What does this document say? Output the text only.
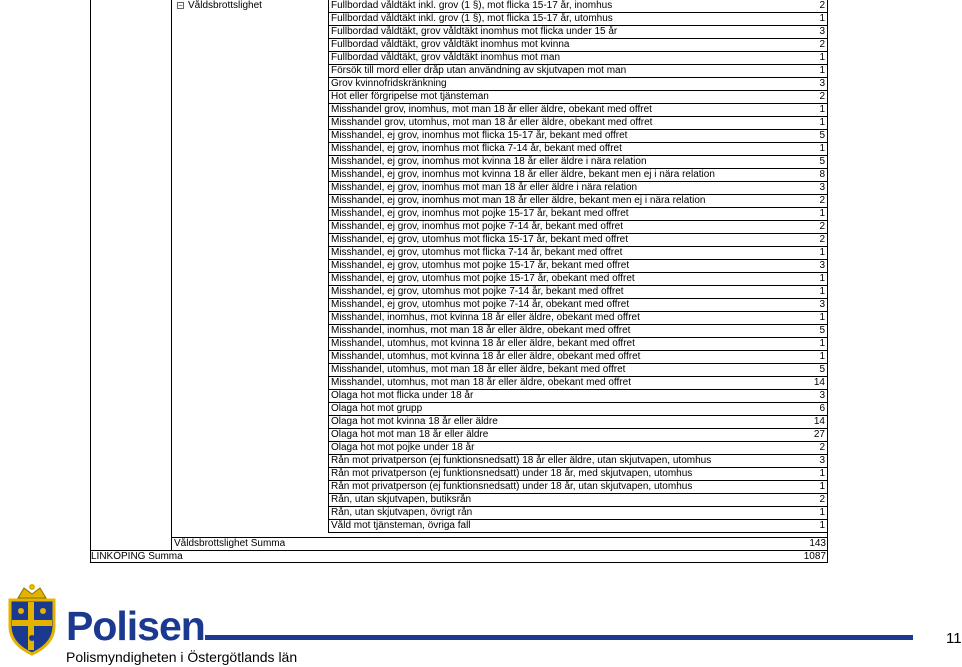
− Våldsbrottslighet	Fullbordad våldtäkt inkl. grov (1 §), mot flicka 15-17 år, inomhus	2
Fullbordad våldtäkt inkl. grov (1 §), mot flicka 15-17 år, utomhus	1
Fullbordad våldtäkt, grov våldtäkt inomhus mot flicka under 15 år	3
Fullbordad våldtäkt, grov våldtäkt inomhus mot kvinna	2
Fullbordad våldtäkt, grov våldtäkt inomhus mot man	1
Försök till mord eller dråp utan användning av skjutvapen mot man	1
Grov kvinnofridskränkning	3
Hot eller förgripelse mot tjänsteman	2
Misshandel grov, inomhus, mot man 18 år eller äldre, obekant med offret	1
Misshandel grov, utomhus, mot man 18 år eller äldre, obekant med offret	1
Misshandel, ej grov, inomhus mot flicka 15-17 år, bekant med offret	5
Misshandel, ej grov, inomhus mot flicka 7-14 år, bekant med offret	1
Misshandel, ej grov, inomhus mot kvinna 18 år eller äldre i nära relation	5
Misshandel, ej grov, inomhus mot kvinna 18 år eller äldre, bekant men ej i nära relation	8
Misshandel, ej grov, inomhus mot man 18 år eller äldre i nära relation	3
Misshandel, ej grov, inomhus mot man 18 år eller äldre, bekant men ej i nära relation	2
Misshandel, ej grov, inomhus mot pojke 15-17 år, bekant med offret	1
Misshandel, ej grov, inomhus mot pojke 7-14 år, bekant med offret	2
Misshandel, ej grov, utomhus mot flicka 15-17 år, bekant med offret	2
Misshandel, ej grov, utomhus mot flicka 7-14 år, bekant med offret	1
Misshandel, ej grov, utomhus mot pojke 15-17 år, bekant med offret	3
Misshandel, ej grov, utomhus mot pojke 15-17 år, obekant med offret	1
Misshandel, ej grov, utomhus mot pojke 7-14 år, bekant med offret	1
Misshandel, ej grov, utomhus mot pojke 7-14 år, obekant med offret	3
Misshandel, inomhus, mot kvinna 18 år eller äldre, obekant med offret	1
Misshandel, inomhus, mot man 18 år eller äldre, obekant med offret	5
Misshandel, utomhus, mot kvinna 18 år eller äldre, bekant med offret	1
Misshandel, utomhus, mot kvinna 18 år eller äldre, obekant med offret	1
Misshandel, utomhus, mot man 18 år eller äldre, bekant med offret	5
Misshandel, utomhus, mot man 18 år eller äldre, obekant med offret	14
Olaga hot mot flicka under 18 år	3
Olaga hot mot grupp	6
Olaga hot mot kvinna 18 år eller äldre	14
Olaga hot mot man 18 år eller äldre	27
Olaga hot mot pojke under 18 år	2
Rån mot privatperson (ej funktionsnedsatt) 18 år eller äldre, utan skjutvapen, utomhus	3
Rån mot privatperson (ej funktionsnedsatt) under 18 år, med skjutvapen, utomhus	1
Rån mot privatperson (ej funktionsnedsatt) under 18 år, utan skjutvapen, utomhus	1
Rån, utan skjutvapen, butiksrån	2
Rån, utan skjutvapen, övrigt rån	1
Våld mot tjänsteman, övriga fall	1
Våldsbrottslighet Summa	143
LINKÖPING Summa	1087
Polisen
Polismyndigheten i Östergötlands län
11
